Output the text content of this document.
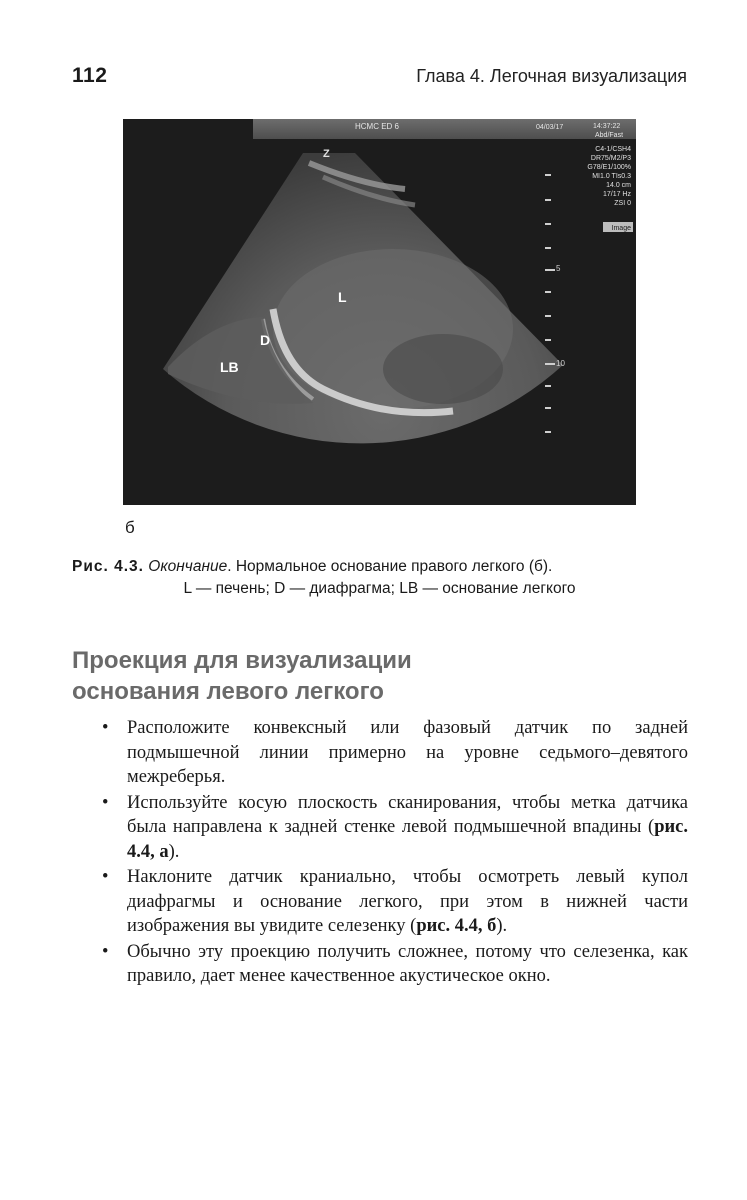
112	Глава 4. Легочная визуализация
Z
5
10
HCMC ED 6	04/03/17	14:37:22
Abd/Fast
C4-1/CSH4
DR75/M2/P3
G78/E1/100%
MI1.0 TIs0.3
14.0 cm
17/17 Hz
ZSI 0
Image
L
D
LB
б
Рис. 4.3. Окончание. Нормальное основание правого легкого (б).
L — печень; D — диафрагма; LB — основание легкого
Проекция для визуализации
основания левого легкого
• Расположите конвексный или фазовый датчик по задней подмышечной линии примерно на уровне седьмого–девятого межреберья.
• Используйте косую плоскость сканирования, чтобы метка датчика была направлена к задней стенке левой подмышечной впадины (рис. 4.4, а).
• Наклоните датчик краниально, чтобы осмотреть левый купол диафрагмы и основание легкого, при этом в нижней части изображения вы увидите селезенку (рис. 4.4, б).
• Обычно эту проекцию получить сложнее, потому что селезенка, как правило, дает менее качественное акустическое окно.
